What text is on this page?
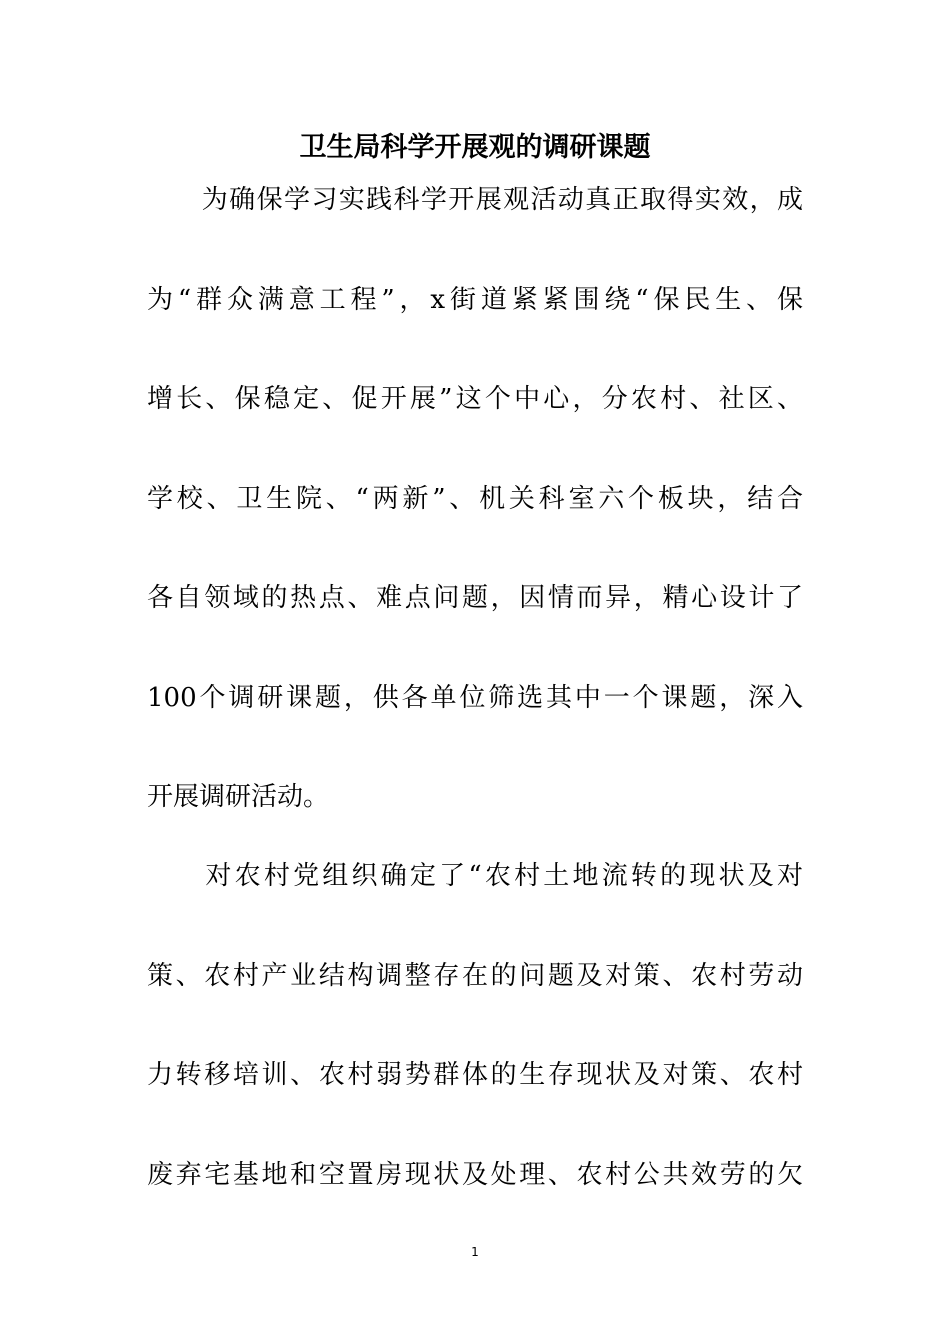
卫生局科学开展观的调研课题
　　为确保学习实践科学开展观活动真正取得实效，成
为“群众满意工程”，x街道紧紧围绕“保民生、保
增长、保稳定、促开展”这个中心，分农村、社区、
学校、卫生院、“两新”、机关科室六个板块，结合
各自领域的热点、难点问题，因情而异，精心设计了
100个调研课题，供各单位筛选其中一个课题，深入
开展调研活动。
　　对农村党组织确定了“农村土地流转的现状及对
策、农村产业结构调整存在的问题及对策、农村劳动
力转移培训、农村弱势群体的生存现状及对策、农村
废弃宅基地和空置房现状及处理、农村公共效劳的欠
1
